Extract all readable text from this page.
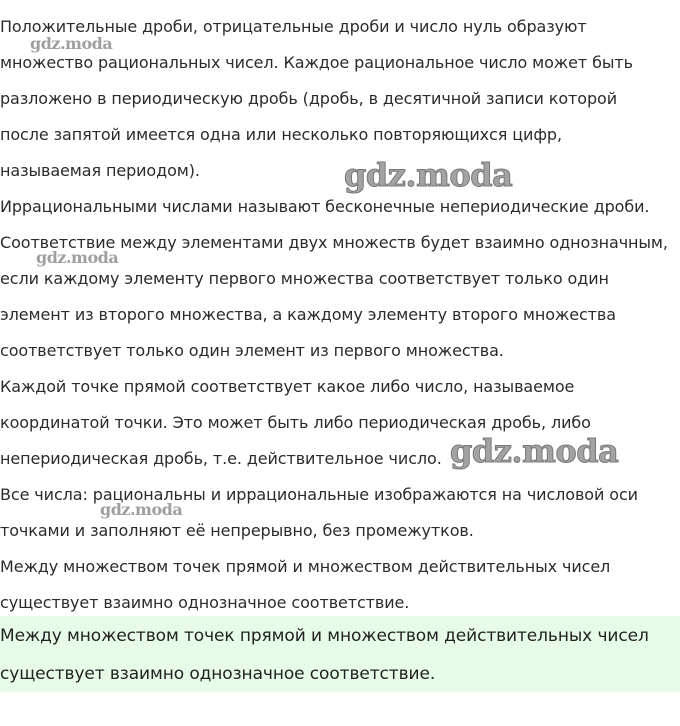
Положительные дроби, отрицательные дроби и число нуль образуют
множество рациональных чисел. Каждое рациональное число может быть
разложено в периодическую дробь (дробь, в десятичной записи которой
после запятой имеется одна или несколько повторяющихся цифр,
называемая периодом).
Иррациональными числами называют бесконечные непериодические дроби.
Соответствие между элементами двух множеств будет взаимно однозначным,
если каждому элементу первого множества соответствует только один
элемент из второго множества, а каждому элементу второго множества
соответствует только один элемент из первого множества.
Каждой точке прямой соответствует какое либо число, называемое
координатой точки. Это может быть либо периодическая дробь, либо
непериодическая дробь, т.е. действительное число.
Все числа: рациональны и иррациональные изображаются на числовой оси
точками и заполняют её непрерывно, без промежутков.
Между множеством точек прямой и множеством действительных чисел
существует взаимно однозначное соответствие.
Между множеством точек прямой и множеством действительных чисел
существует взаимно однозначное соответствие.
gdz.moda
gdz.moda
gdz.moda
gdz.moda
gdz.moda
